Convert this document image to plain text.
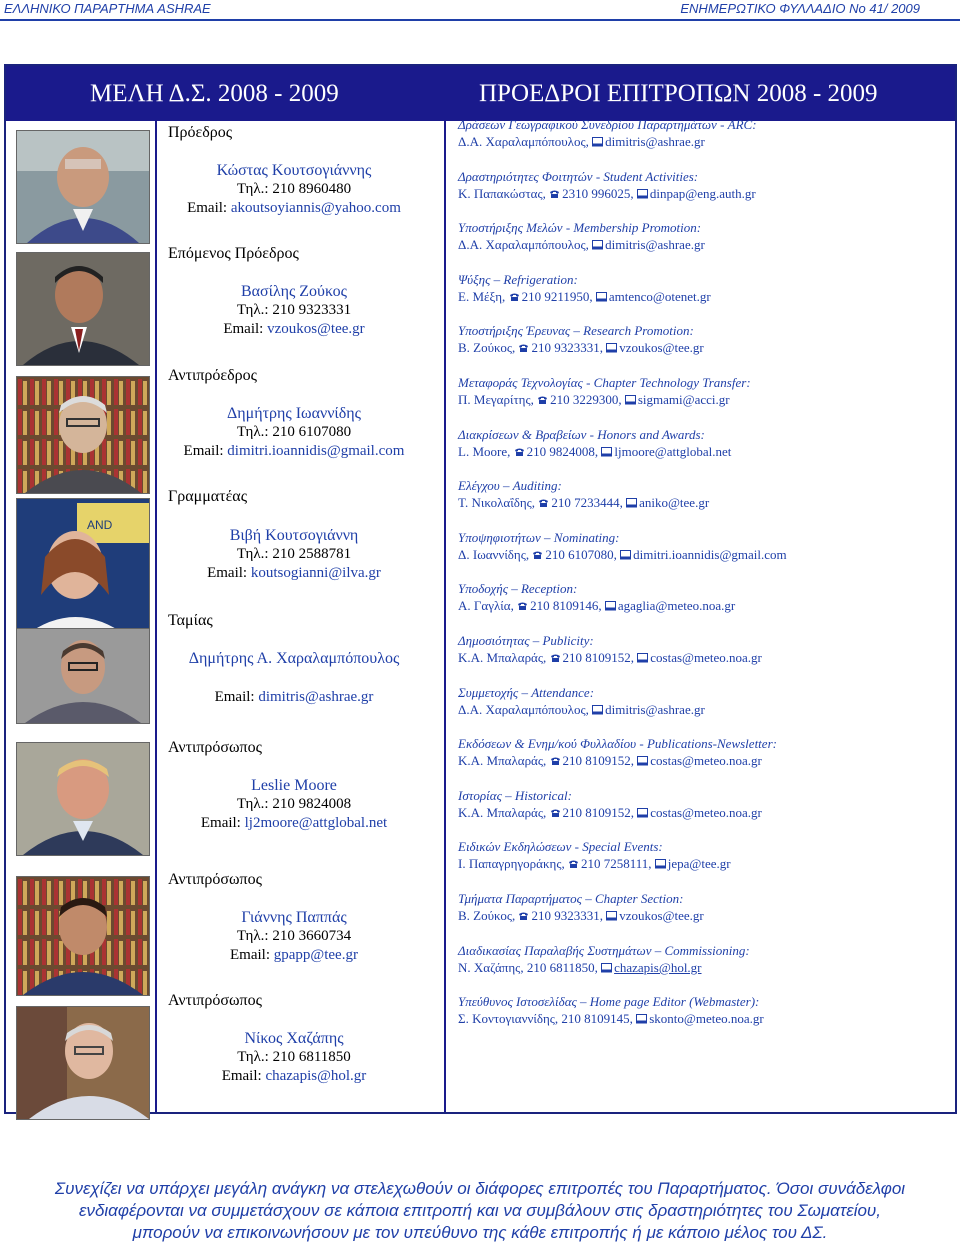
ΕΛΛΗΝΙΚΟ ΠΑΡΑΡΤΗΜΑ ASHRAE	ΕΝΗΜΕΡΩΤΙΚΟ ΦΥΛΛΑΔΙΟ No 41/ 2009
ΜΕΛΗ Δ.Σ. 2008 - 2009	ΠΡΟΕΔΡΟΙ ΕΠΙΤΡΟΠΩΝ 2008 - 2009
AND
Πρόεδρος
Κώστας Κουτσογιάννης
Τηλ.: 210 8960480
Email: akoutsoyiannis@yahoo.com
Επόμενος Πρόεδρος
Βασίλης Ζούκος
Τηλ.: 210 9323331
Email: vzoukos@tee.gr
Αντιπρόεδρος
Δημήτρης Ιωαννίδης
Τηλ.: 210 6107080
Email: dimitri.ioannidis@gmail.com
Γραμματέας
Βιβή Κουτσογιάννη
Τηλ.: 210 2588781
Email: koutsogianni@ilva.gr
Ταμίας
Δημήτρης Α. Χαραλαμπόπουλος
Email: dimitris@ashrae.gr
Αντιπρόσωπος
Leslie Moore
Τηλ.: 210 9824008
Email: lj2moore@attglobal.net
Αντιπρόσωπος
Γιάννης Παππάς
Τηλ.: 210 3660734
Email: gpapp@tee.gr
Αντιπρόσωπος
Νίκος Χαζάπης
Τηλ.: 210 6811850
Email: chazapis@hol.gr
Δράσεων Γεωγραφικού Συνεδρίου Παραρτημάτων - ARC:
Δ.Α. Χαραλαμπόπουλος, dimitris@ashrae.gr
Δραστηριότητες Φοιτητών - Student Activities:
Κ. Παπακώστας, 2310 996025, dinpap@eng.auth.gr
Υποστήριξης Μελών - Membership Promotion:
Δ.Α. Χαραλαμπόπουλος, dimitris@ashrae.gr
Ψύξης – Refrigeration:
Ε. Μέξη, 210 9211950, amtenco@otenet.gr
Υποστήριξης Έρευνας – Research Promotion:
Β. Ζούκος, 210 9323331, vzoukos@tee.gr
Μεταφοράς Τεχνολογίας - Chapter Technology Transfer:
Π. Μεγαρίτης, 210 3229300, sigmami@acci.gr
Διακρίσεων & Βραβείων - Honors and Awards:
L. Moore, 210 9824008, ljmoore@attglobal.net
Ελέγχου – Auditing:
Τ. Νικολαΐδης, 210 7233444, aniko@tee.gr
Υποψηφιοτήτων – Nominating:
Δ. Ιωαννίδης, 210 6107080, dimitri.ioannidis@gmail.com
Υποδοχής – Reception:
Α. Γαγλία, 210 8109146, agaglia@meteo.noa.gr
Δημοσιότητας – Publicity:
Κ.Α. Μπαλαράς, 210 8109152, costas@meteo.noa.gr
Συμμετοχής – Attendance:
Δ.Α. Χαραλαμπόπουλος, dimitris@ashrae.gr
Εκδόσεων & Ενημ/κού Φυλλαδίου - Publications-Newsletter:
Κ.Α. Μπαλαράς, 210 8109152, costas@meteo.noa.gr
Ιστορίας – Historical:
Κ.Α. Μπαλαράς, 210 8109152, costas@meteo.noa.gr
Ειδικών Εκδηλώσεων - Special Events:
Ι. Παπαγρηγοράκης, 210 7258111, jepa@tee.gr
Τμήματα Παραρτήματος – Chapter Section:
Β. Ζούκος, 210 9323331, vzoukos@tee.gr
Διαδικασίας Παραλαβής Συστημάτων – Commissioning:
Ν. Χαζάπης, 210 6811850, chazapis@hol.gr
Υπεύθυνος Ιστοσελίδας – Home page Editor (Webmaster):
Σ. Κοντογιαννίδης, 210 8109145, skonto@meteo.noa.gr
Συνεχίζει να υπάρχει μεγάλη ανάγκη να στελεχωθούν οι διάφορες επιτροπές του Παραρτήματος. Όσοι συνάδελφοι
ενδιαφέρονται να συμμετάσχουν σε κάποια επιτροπή και να συμβάλουν στις δραστηριότητες του Σωματείου,
μπορούν να επικοινωνήσουν με τον υπεύθυνο της κάθε επιτροπής ή με κάποιο μέλος του ΔΣ.
